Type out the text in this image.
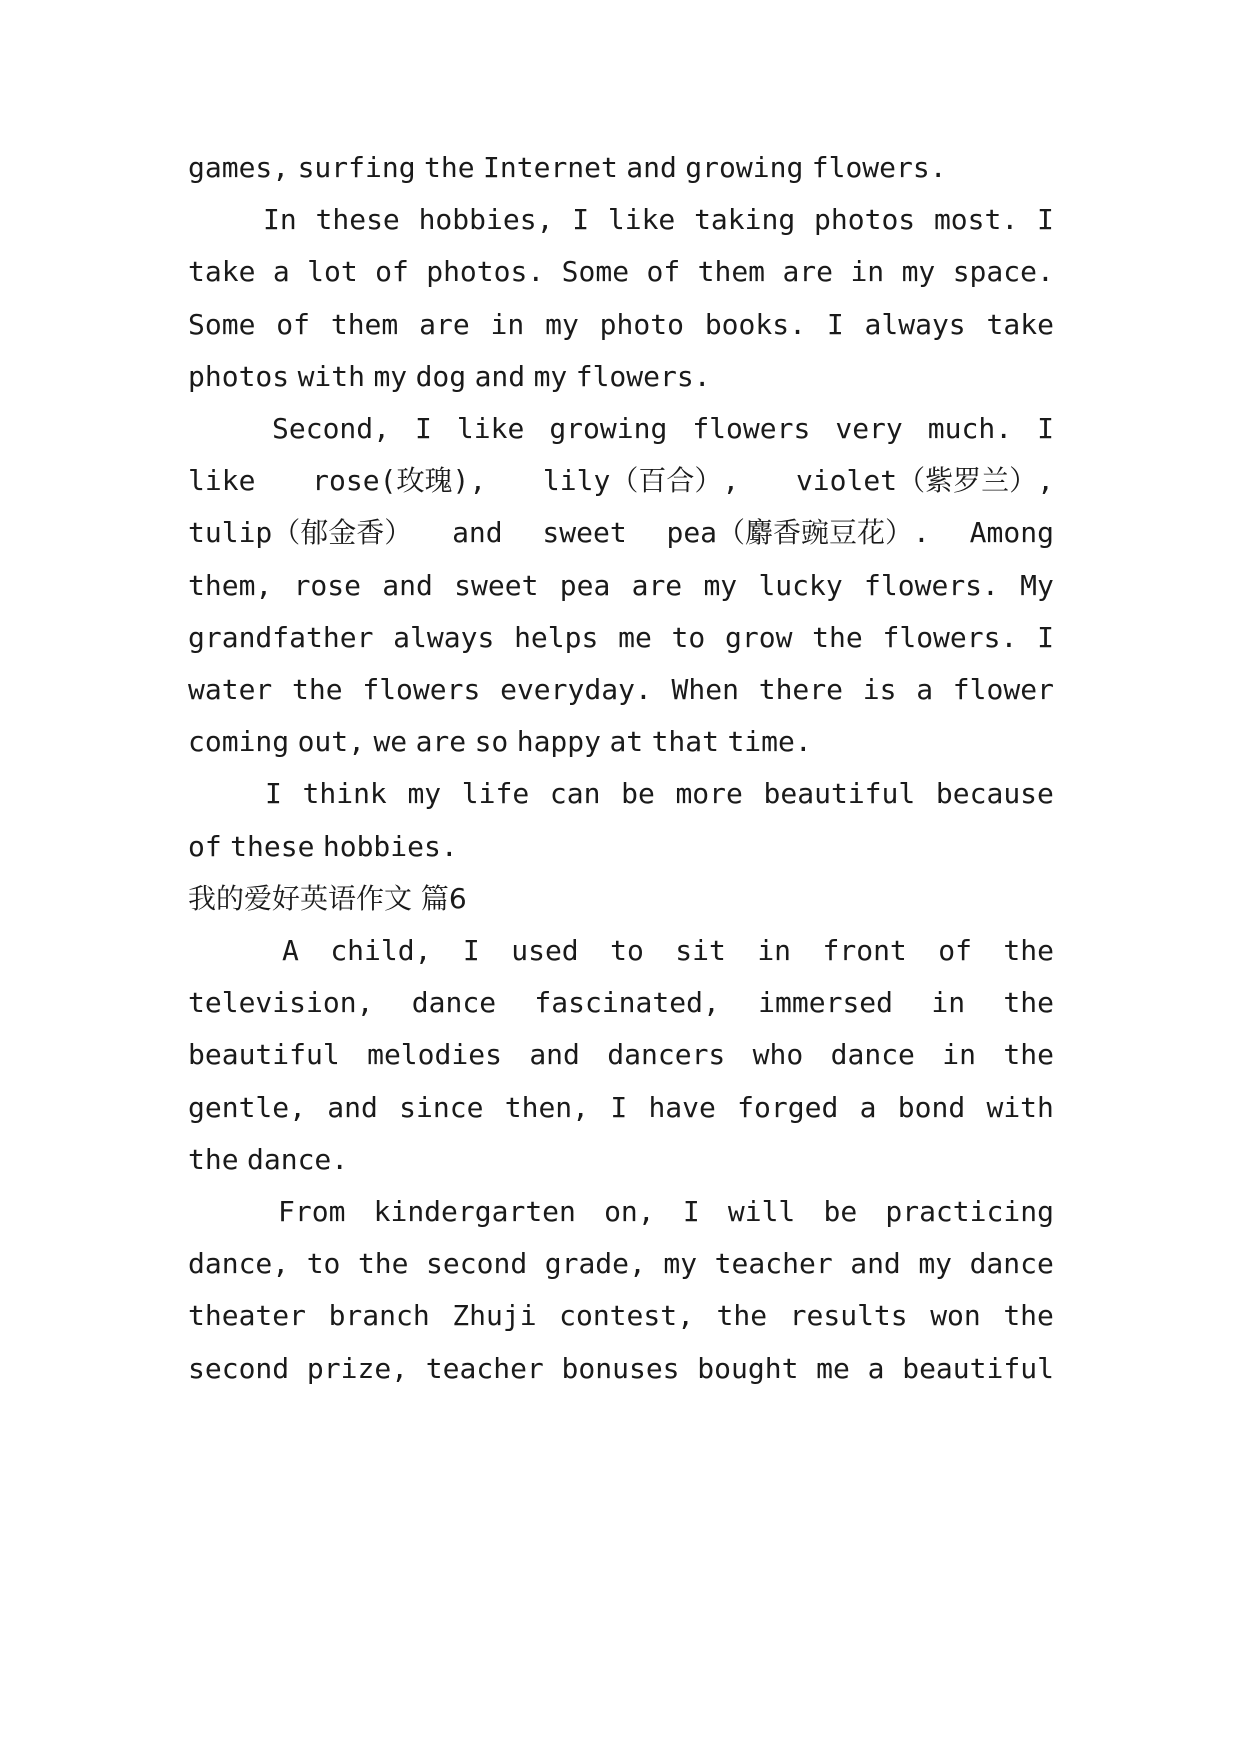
games, surfing the Internet and growing flowers.
In these hobbies, I like taking photos most. I
take a lot of photos. Some of them are in my space.
Some of them are in my photo books. I always take
photos with my dog and my flowers.
Second, I like growing flowers very much. I
like rose(玫瑰), lily（百合）, violet（紫罗兰）,
tulip（郁金香） and sweet pea（麝香豌豆花）. Among
them, rose and sweet pea are my lucky flowers. My
grandfather always helps me to grow the flowers. I
water the flowers everyday. When there is a flower
coming out, we are so happy at that time.
I think my life can be more beautiful because
of these hobbies.
我的爱好英语作文 篇6
A child, I used to sit in front of the
television, dance fascinated, immersed in the
beautiful melodies and dancers who dance in the
gentle, and since then, I have forged a bond with
the dance.
From kindergarten on, I will be practicing
dance, to the second grade, my teacher and my dance
theater branch Zhuji contest, the results won the
second prize, teacher bonuses bought me a beautiful
